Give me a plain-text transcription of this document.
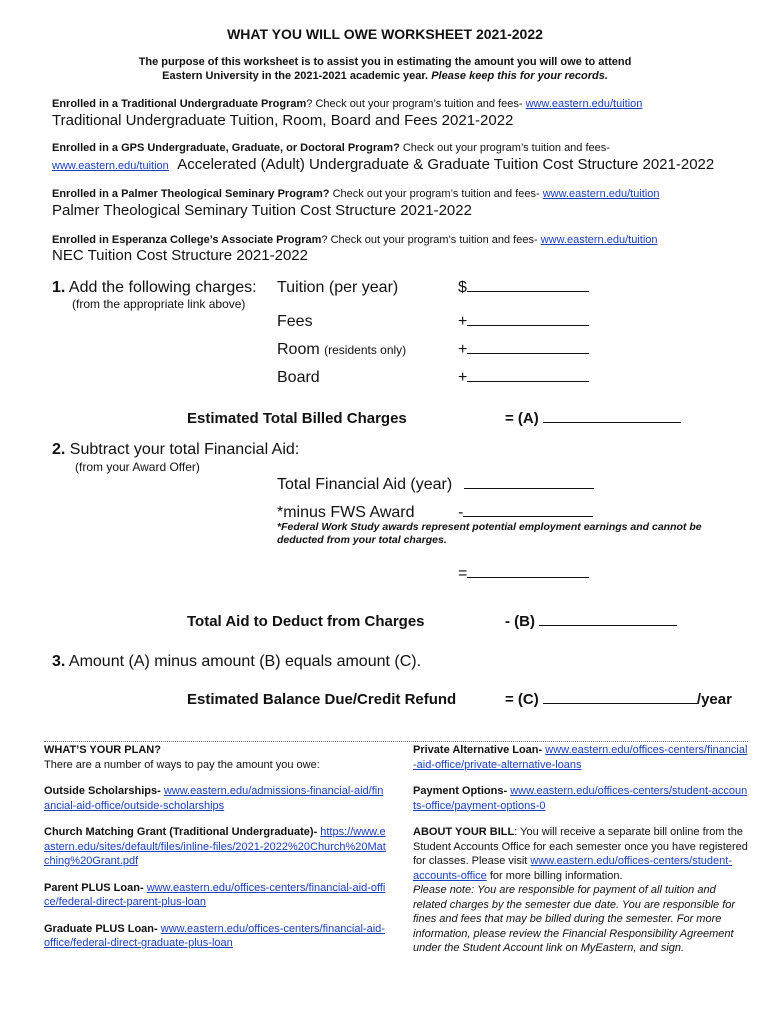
WHAT YOU WILL OWE WORKSHEET 2021-2022
The purpose of this worksheet is to assist you in estimating the amount you will owe to attend
Eastern University in the 2021-2021 academic year. Please keep this for your records.
Enrolled in a Traditional Undergraduate Program? Check out your program’s tuition and fees- www.eastern.edu/tuition
Traditional Undergraduate Tuition, Room, Board and Fees 2021-2022
Enrolled in a GPS Undergraduate, Graduate, or Doctoral Program? Check out your program’s tuition and fees-
www.eastern.edu/tuition Accelerated (Adult) Undergraduate & Graduate Tuition Cost Structure 2021-2022
Enrolled in a Palmer Theological Seminary Program? Check out your program’s tuition and fees- www.eastern.edu/tuition
Palmer Theological Seminary Tuition Cost Structure 2021-2022
Enrolled in Esperanza College’s Associate Program? Check out your program’s tuition and fees- www.eastern.edu/tuition
NEC Tuition Cost Structure 2021-2022
1. Add the following charges:
(from the appropriate link above)
Tuition (per year)	$
Fees	+
Room (residents only)	+
Board	+
Estimated Total Billed Charges	= (A)
2. Subtract your total Financial Aid:
(from your Award Offer)
Total Financial Aid (year)
*minus FWS Award	-
*Federal Work Study awards represent potential employment earnings and cannot be
deducted from your total charges.
=
Total Aid to Deduct from Charges	- (B)
3. Amount (A) minus amount (B) equals amount (C).
Estimated Balance Due/Credit Refund	= (C)	/year

WHAT’S YOUR PLAN?
There are a number of ways to pay the amount you owe:

Outside Scholarships- www.eastern.edu/admissions-financial-aid/financial-aid-office/outside-scholarships

Church Matching Grant (Traditional Undergraduate)- https://www.eastern.edu/sites/default/files/inline-files/2021-2022%20Church%20Matching%20Grant.pdf

Parent PLUS Loan- www.eastern.edu/offices-centers/financial-aid-office/federal-direct-parent-plus-loan

Graduate PLUS Loan- www.eastern.edu/offices-centers/financial-aid-office/federal-direct-graduate-plus-loan

Private Alternative Loan- www.eastern.edu/offices-centers/financial-aid-office/private-alternative-loans

Payment Options- www.eastern.edu/offices-centers/student-accounts-office/payment-options-0

ABOUT YOUR BILL: You will receive a separate bill online from the Student Accounts Office for each semester once you have registered for classes. Please visit www.eastern.edu/offices-centers/student-accounts-office for more billing information.
Please note: You are responsible for payment of all tuition and related charges by the semester due date. You are responsible for fines and fees that may be billed during the semester. For more information, please review the Financial Responsibility Agreement under the Student Account link on MyEastern, and sign.
